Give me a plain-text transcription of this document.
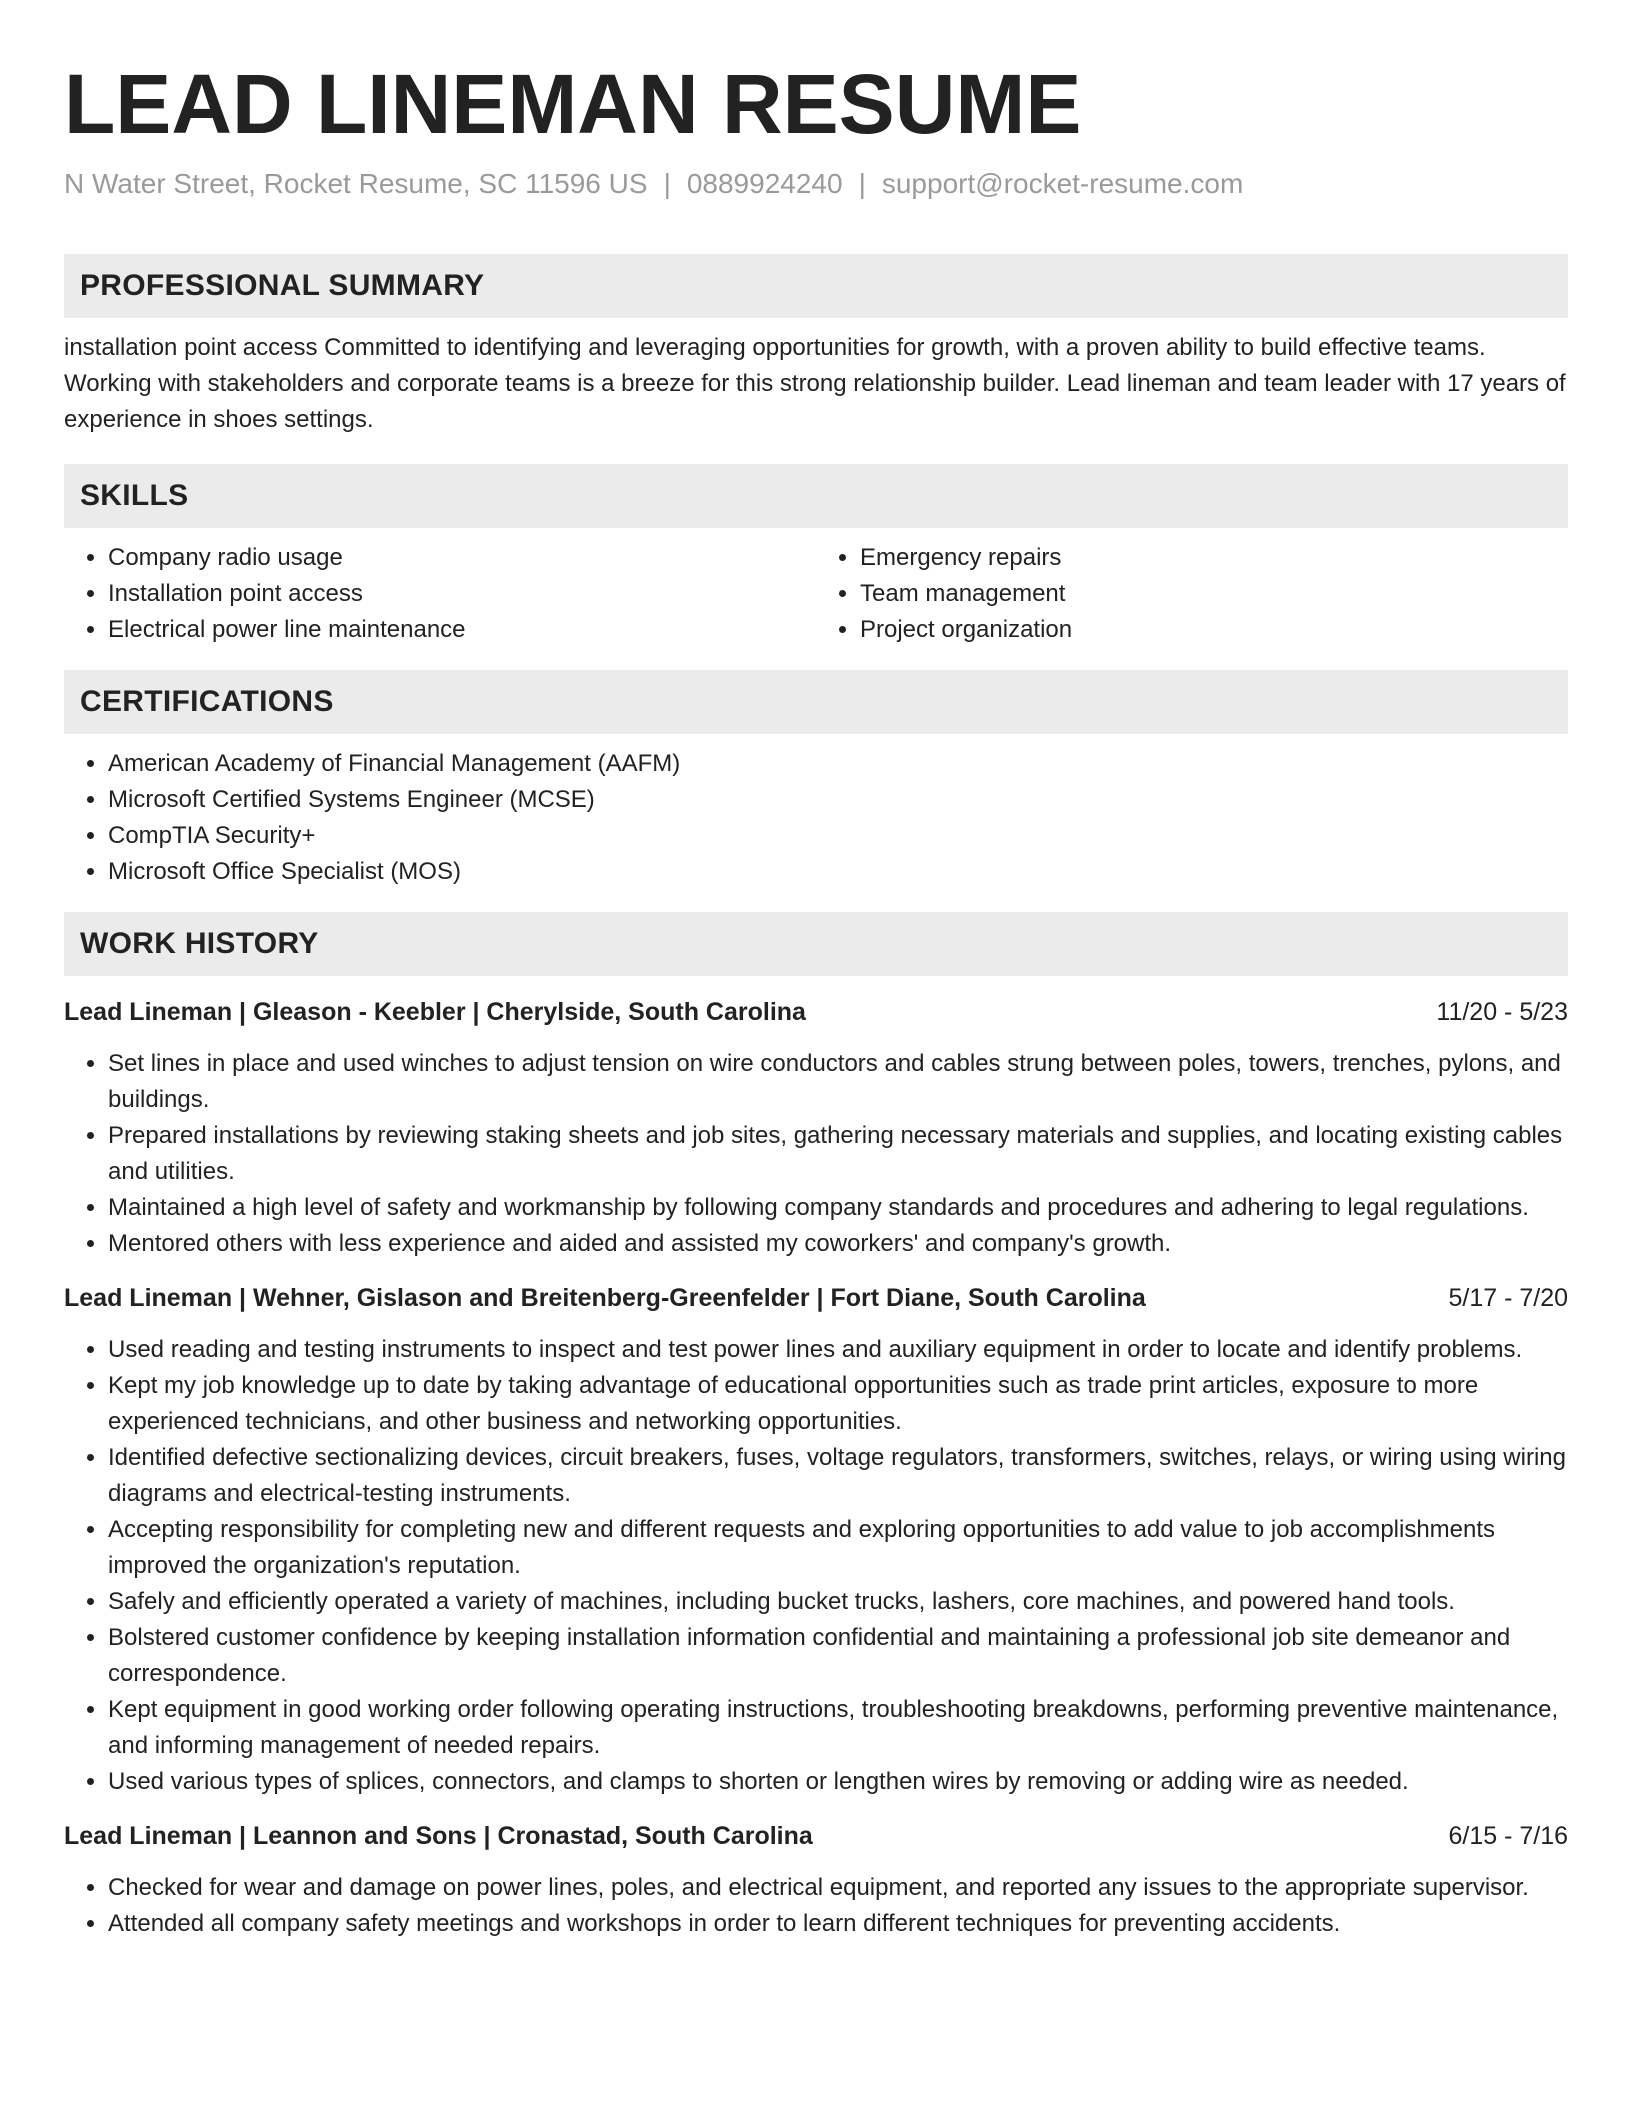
LEAD LINEMAN RESUME
N Water Street, Rocket Resume, SC 11596 US | 0889924240 | support@rocket-resume.com
PROFESSIONAL SUMMARY

installation point access Committed to identifying and leveraging opportunities for growth, with a proven ability to build effective teams. Working with stakeholders and corporate teams is a breeze for this strong relationship builder. Lead lineman and team leader with 17 years of experience in shoes settings.

SKILLS
• Company radio usage
• Installation point access
• Electrical power line maintenance
• Emergency repairs
• Team management
• Project organization
CERTIFICATIONS
• American Academy of Financial Management (AAFM)
• Microsoft Certified Systems Engineer (MCSE)
• CompTIA Security+
• Microsoft Office Specialist (MOS)
WORK HISTORY
Lead Lineman | Gleason - Keebler | Cherylside, South Carolina	11/20 - 5/23
• Set lines in place and used winches to adjust tension on wire conductors and cables strung between poles, towers, trenches, pylons, and buildings.
• Prepared installations by reviewing staking sheets and job sites, gathering necessary materials and supplies, and locating existing cables and utilities.
• Maintained a high level of safety and workmanship by following company standards and procedures and adhering to legal regulations.
• Mentored others with less experience and aided and assisted my coworkers' and company's growth.
Lead Lineman | Wehner, Gislason and Breitenberg-Greenfelder | Fort Diane, South Carolina	5/17 - 7/20
• Used reading and testing instruments to inspect and test power lines and auxiliary equipment in order to locate and identify problems.
• Kept my job knowledge up to date by taking advantage of educational opportunities such as trade print articles, exposure to more experienced technicians, and other business and networking opportunities.
• Identified defective sectionalizing devices, circuit breakers, fuses, voltage regulators, transformers, switches, relays, or wiring using wiring diagrams and electrical-testing instruments.
• Accepting responsibility for completing new and different requests and exploring opportunities to add value to job accomplishments improved the organization's reputation.
• Safely and efficiently operated a variety of machines, including bucket trucks, lashers, core machines, and powered hand tools.
• Bolstered customer confidence by keeping installation information confidential and maintaining a professional job site demeanor and correspondence.
• Kept equipment in good working order following operating instructions, troubleshooting breakdowns, performing preventive maintenance, and informing management of needed repairs.
• Used various types of splices, connectors, and clamps to shorten or lengthen wires by removing or adding wire as needed.
Lead Lineman | Leannon and Sons | Cronastad, South Carolina	6/15 - 7/16
• Checked for wear and damage on power lines, poles, and electrical equipment, and reported any issues to the appropriate supervisor.
• Attended all company safety meetings and workshops in order to learn different techniques for preventing accidents.
